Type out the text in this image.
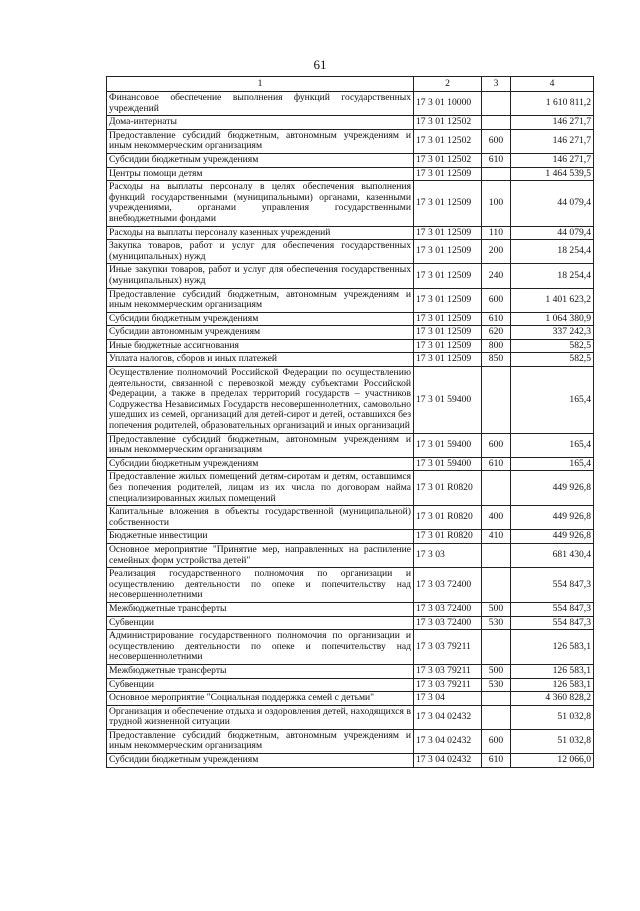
61
1	2	3	4
Финансовое обеспечение выполнения функций государственных учреждений	17 3 01 10000		1 610 811,2
Дома-интернаты	17 3 01 12502		146 271,7
Предоставление субсидий бюджетным, автономным учреждениям и иным некоммерческим организациям	17 3 01 12502	600	146 271,7
Субсидии бюджетным учреждениям	17 3 01 12502	610	146 271,7
Центры помощи детям	17 3 01 12509		1 464 539,5
Расходы на выплаты персоналу в целях обеспечения выполнения функций государственными (муниципальными) органами, казенными учреждениями, органами управления государственными внебюджетными фондами	17 3 01 12509	100	44 079,4
Расходы на выплаты персоналу казенных учреждений	17 3 01 12509	110	44 079,4
Закупка товаров, работ и услуг для обеспечения государственных (муниципальных) нужд	17 3 01 12509	200	18 254,4
Иные закупки товаров, работ и услуг для обеспечения государственных (муниципальных) нужд	17 3 01 12509	240	18 254,4
Предоставление субсидий бюджетным, автономным учреждениям и иным некоммерческим организациям	17 3 01 12509	600	1 401 623,2
Субсидии бюджетным учреждениям	17 3 01 12509	610	1 064 380,9
Субсидии автономным учреждениям	17 3 01 12509	620	337 242,3
Иные бюджетные ассигнования	17 3 01 12509	800	582,5
Уплата налогов, сборов и иных платежей	17 3 01 12509	850	582,5
Осуществление полномочий Российской Федерации по осуществлению деятельности, связанной с перевозкой между субъектами Российской Федерации, а также в пределах территорий государств – участников Содружества Независимых Государств несовершеннолетних, самовольно ушедших из семей, организаций для детей-сирот и детей, оставшихся без попечения родителей, образовательных организаций и иных организаций	17 3 01 59400		165,4
Предоставление субсидий бюджетным, автономным учреждениям и иным некоммерческим организациям	17 3 01 59400	600	165,4
Субсидии бюджетным учреждениям	17 3 01 59400	610	165,4
Предоставление жилых помещений детям-сиротам и детям, оставшимся без попечения родителей, лицам из их числа по договорам найма специализированных жилых помещений	17 3 01 R0820		449 926,8
Капитальные вложения в объекты государственной (муниципальной) собственности	17 3 01 R0820	400	449 926,8
Бюджетные инвестиции	17 3 01 R0820	410	449 926,8
Основное мероприятие "Принятие мер, направленных на распиление семейных форм устройства детей"	17 3 03		681 430,4
Реализация государственного полномочия по организации и осуществлению деятельности по опеке и попечительству над несовершеннолетними	17 3 03 72400		554 847,3
Межбюджетные трансферты	17 3 03 72400	500	554 847,3
Субвенции	17 3 03 72400	530	554 847,3
Администрирование государственного полномочия по организации и осуществлению деятельности по опеке и попечительству над несовершеннолетними	17 3 03 79211		126 583,1
Межбюджетные трансферты	17 3 03 79211	500	126 583,1
Субвенции	17 3 03 79211	530	126 583,1
Основное мероприятие "Социальная поддержка семей с детьми"	17 3 04		4 360 828,2
Организация и обеспечение отдыха и оздоровления детей, находящихся в трудной жизненной ситуации	17 3 04 02432		51 032,8
Предоставление субсидий бюджетным, автономным учреждениям и иным некоммерческим организациям	17 3 04 02432	600	51 032,8
Субсидии бюджетным учреждениям	17 3 04 02432	610	12 066,0
